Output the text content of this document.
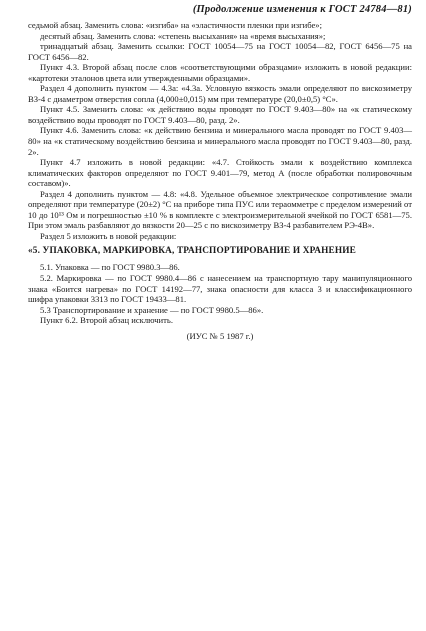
(Продолжение изменения к ГОСТ 24784—81)

седьмой абзац. Заменить слова: «изгиба» на «эластичности пленки при изгибе»;

десятый абзац. Заменить слова: «степень высыхания» на «время высыхания»;

тринадцатый абзац. Заменить ссылки: ГОСТ 10054—75 на ГОСТ 10054—82, ГОСТ 6456—75 на ГОСТ 6456—82.

Пункт 4.3. Второй абзац после слов «соответствующими образцами» изложить в новой редакции: «картотеки эталонов цвета или утвержденными образцами».

Раздел 4 дополнить пунктом — 4.3а: «4.3а. Условную вязкость эмали определяют по вискозиметру ВЗ-4 с диаметром отверстия сопла (4,000±0,015) мм при температуре (20,0±0,5) °С».

Пункт 4.5. Заменить слова: «к действию воды проводят по ГОСТ 9.403—80» на «к статическому воздействию воды проводят по ГОСТ 9.403—80, разд. 2».

Пункт 4.6. Заменить слова: «к действию бензина и минерального масла проводят по ГОСТ 9.403—80» на «к статическому воздействию бензина и минерального масла проводят по ГОСТ 9.403—80, разд. 2».

Пункт 4.7 изложить в новой редакции: «4.7. Стойкость эмали к воздействию комплекса климатических факторов определяют по ГОСТ 9.401—79, метод А (после обработки полировочным составом)».

Раздел 4 дополнить пунктом — 4.8: «4.8. Удельное объемное электрическое сопротивление эмали определяют при температуре (20±2) °С на приборе типа ПУС или тераомметре с пределом измерений от 10 до 10¹³ Ом и погрешностью ±10 % в комплекте с электроизмерительной ячейкой по ГОСТ 6581—75. При этом эмаль разбавляют до вязкости 20—25 с по вискозиметру ВЗ-4 разбавителем РЭ-4В».

Раздел 5 изложить в новой редакции:

«5. УПАКОВКА, МАРКИРОВКА, ТРАНСПОРТИРОВАНИЕ И ХРАНЕНИЕ

5.1. Упаковка — по ГОСТ 9980.3—86.

5.2. Маркировка — по ГОСТ 9980.4—86 с нанесением на транспортную тару манипуляционного знака «Боится нагрева» по ГОСТ 14192—77, знака опасности для класса 3 и классификационного шифра упаковки 3313 по ГОСТ 19433—81.

5.3 Транспортирование и хранение — по ГОСТ 9980.5—86».

Пункт 6.2. Второй абзац исключить.

(ИУС № 5 1987 г.)
